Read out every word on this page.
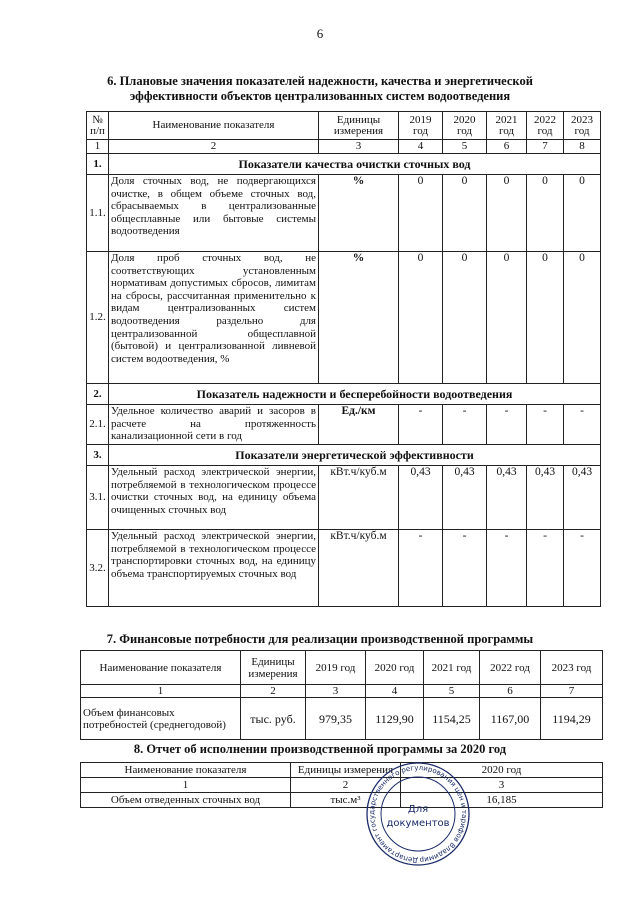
6
6. Плановые значения показателей надежности, качества и энергетической эффективности объектов централизованных систем водоотведения
№ п/п	Наименование показателя	Единицы измерения	2019 год	2020 год	2021 год	2022 год	2023 год
1	2	3	4	5	6	7	8
1.	Показатели качества очистки сточных вод						
1.1.	Доля сточных вод, не подвергающихся очистке, в общем объеме сточных вод, сбрасываемых в централизованные общесплавные или бытовые системы водоотведения	%	0	0	0	0	0
1.2.	Доля проб сточных вод, не соответствующих установленным нормативам допустимых сбросов, лимитам на сбросы, рассчитанная применительно к видам централизованных систем водоотведения раздельно для централизованной общесплавной (бытовой) и централизованной ливневой систем водоотведения, %	%	0	0	0	0	0
2.	Показатель надежности и бесперебойности водоотведения						
2.1.	Удельное количество аварий и засоров в расчете на протяженность канализационной сети в год	Ед./км	-	-	-	-	-
3.	Показатели энергетической эффективности						
3.1.	Удельный расход электрической энергии, потребляемой в технологическом процессе очистки сточных вод, на единицу объема очищенных сточных вод	кВт.ч/куб.м	0,43	0,43	0,43	0,43	0,43
3.2.	Удельный расход электрической энергии, потребляемой в технологическом процессе транспортировки сточных вод, на единицу объема транспортируемых сточных вод	кВт.ч/куб.м	-	-	-	-	-
7. Финансовые потребности для реализации производственной программы
Наименование показателя	Единицы измерения	2019 год	2020 год	2021 год	2022 год	2023 год
1	2	3	4	5	6	7
Объем финансовых потребностей (среднегодовой)	тыс. руб.	979,35	1129,90	1154,25	1167,00	1194,29
8. Отчет об исполнении производственной программы за 2020 год
Наименование показателя	Единицы измерения	2020 год
1	2	3
Объем отведенных сточных вод	тыс.м³	16,185
Департамент государственного регулирования цен и тарифов Владимир
Для
документов
